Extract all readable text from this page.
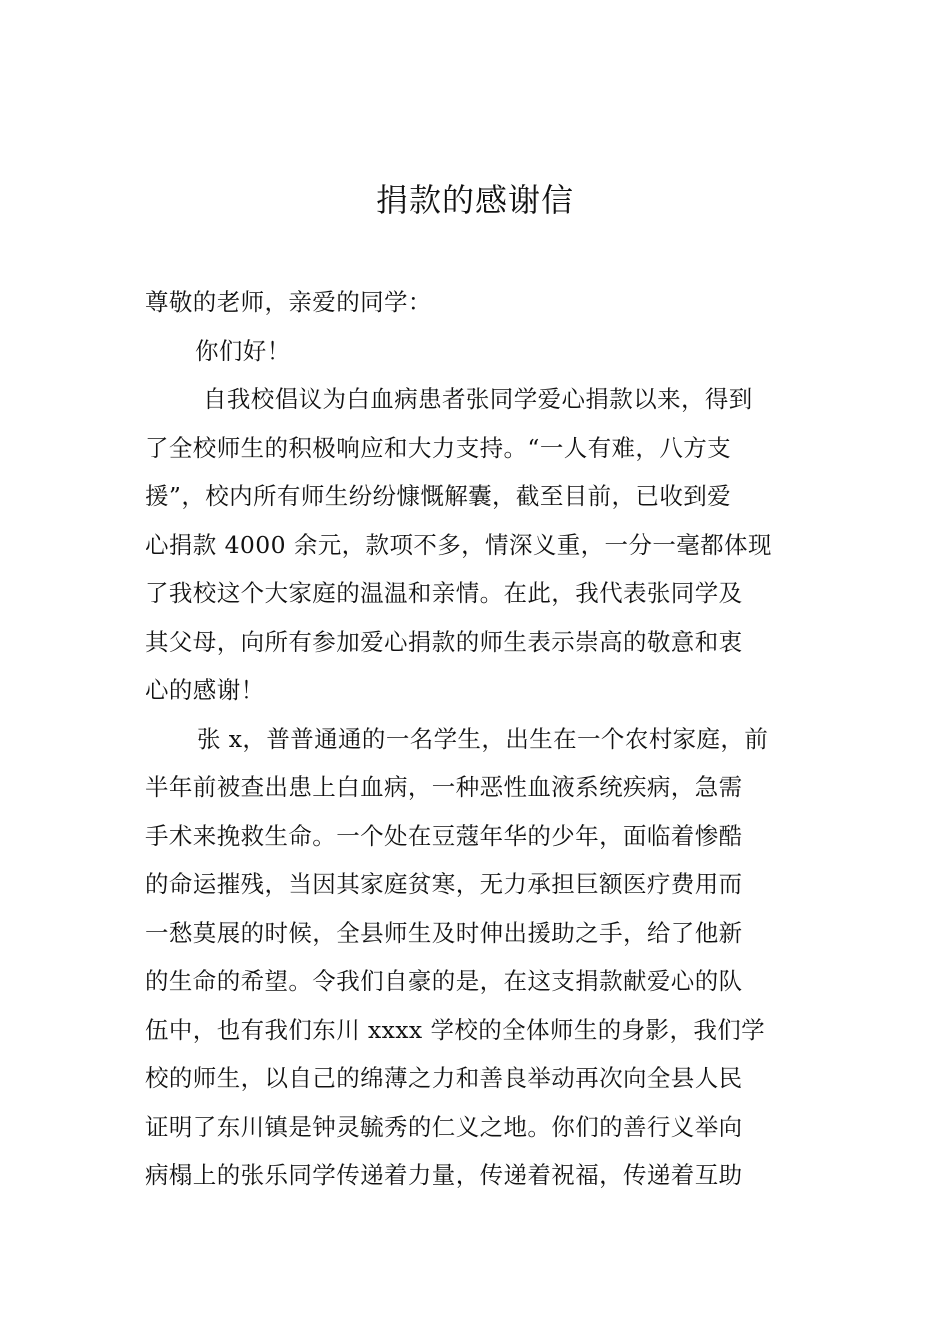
捐款的感谢信
尊敬的老师，亲爱的同学：
你们好！
自我校倡议为白血病患者张同学爱心捐款以来，得到
了全校师生的积极响应和大力支持。“一人有难，八方支
援”，校内所有师生纷纷慷慨解囊，截至目前，已收到爱
心捐款 4000 余元，款项不多，情深义重，一分一毫都体现
了我校这个大家庭的温温和亲情。在此，我代表张同学及
其父母，向所有参加爱心捐款的师生表示崇高的敬意和衷
心的感谢！
张 x，普普通通的一名学生，出生在一个农村家庭，前
半年前被查出患上白血病，一种恶性血液系统疾病，急需
手术来挽救生命。一个处在豆蔻年华的少年，面临着惨酷
的命运摧残，当因其家庭贫寒，无力承担巨额医疗费用而
一愁莫展的时候，全县师生及时伸出援助之手，给了他新
的生命的希望。令我们自豪的是，在这支捐款献爱心的队
伍中，也有我们东川 xxxx 学校的全体师生的身影，我们学
校的师生，以自己的绵薄之力和善良举动再次向全县人民
证明了东川镇是钟灵毓秀的仁义之地。你们的善行义举向
病榻上的张乐同学传递着力量，传递着祝福，传递着互助
